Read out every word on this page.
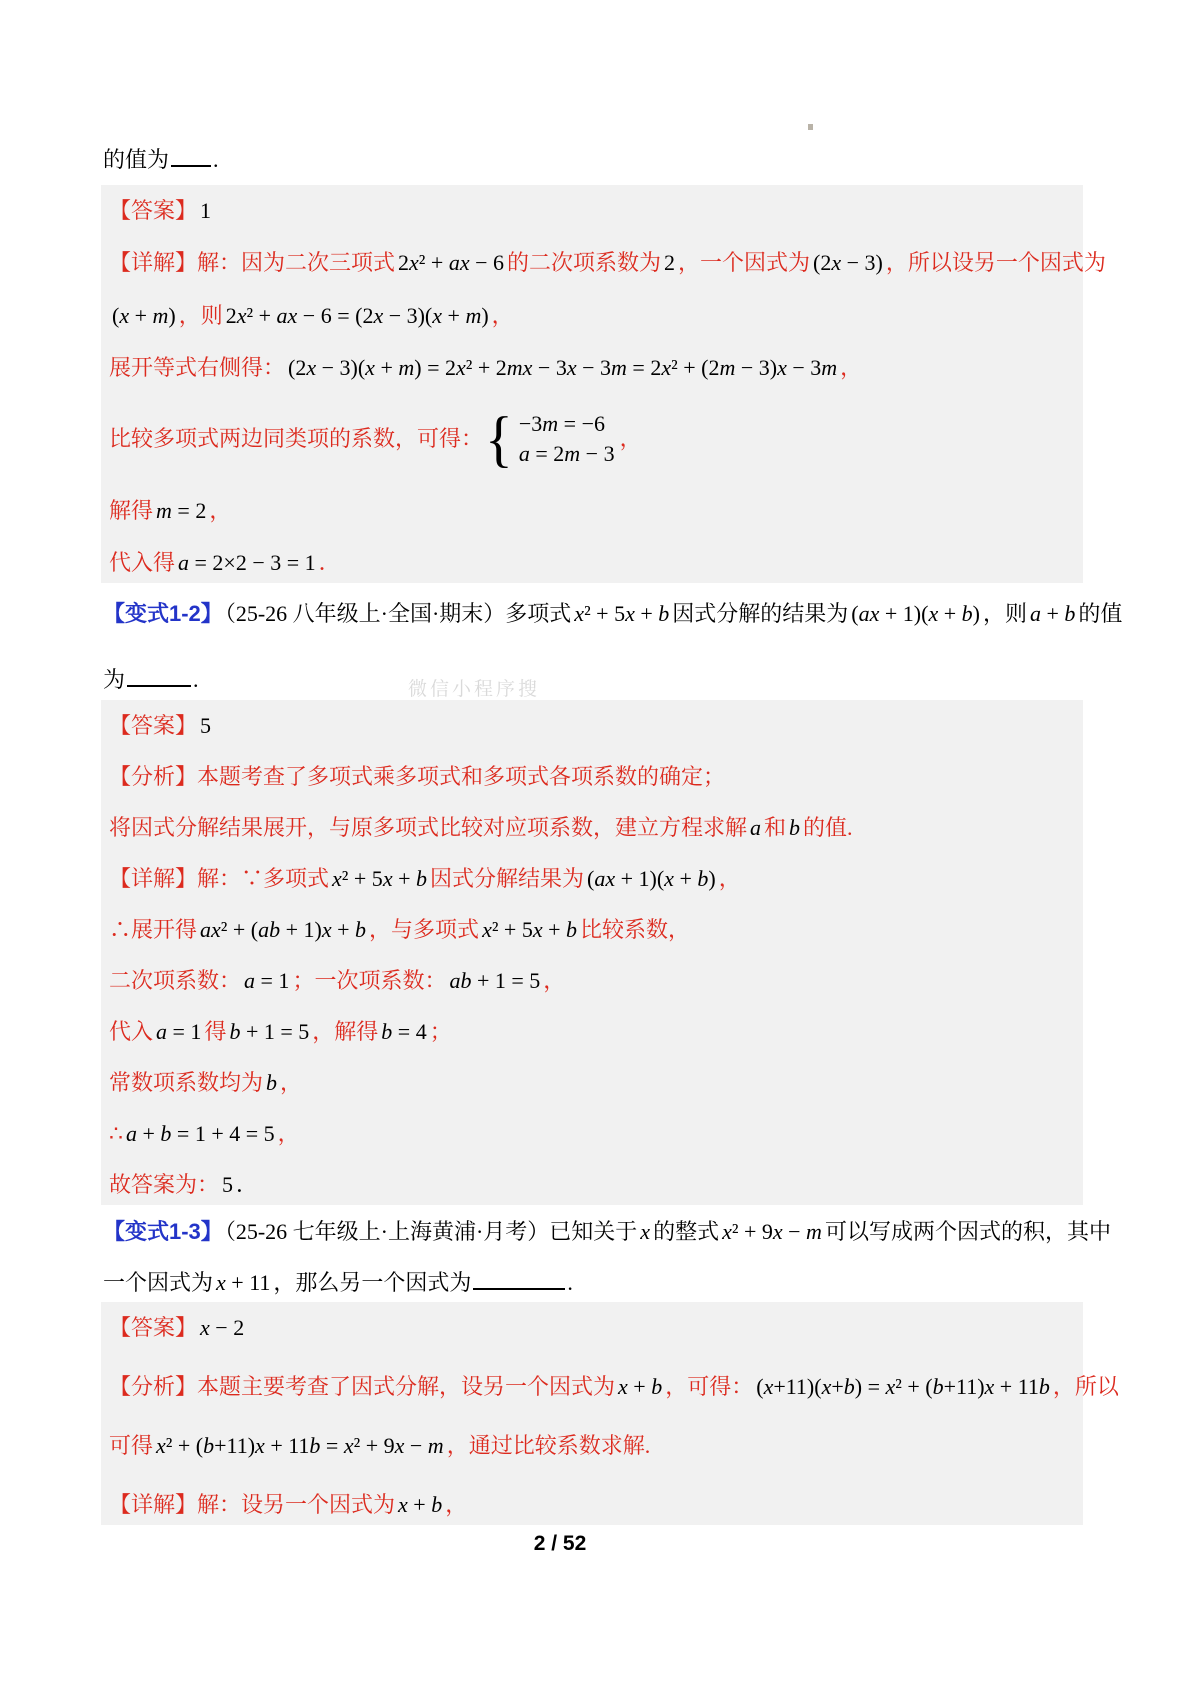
的值为 .
【答案】 1
【详解】解：因为二次三项式 2x² + ax − 6 的二次项系数为 2 ，一个因式为 (2x − 3) ，所以设另一个因式为
(x + m) ，则 2x² + ax − 6 = (2x − 3)(x + m) ，
展开等式右侧得： (2x − 3)(x + m) = 2x² + 2mx − 3x − 3m = 2x² + (2m − 3)x − 3m ，
比较多项式两边同类项的系数，可得： { −3m = −6
a = 2m − 3
，
解得 m = 2 ，
代入得 a = 2×2 − 3 = 1 ．
【变式1-2】（25-26 八年级上·全国·期末）多项式 x² + 5x + b 因式分解的结果为 (ax + 1)(x + b) ，则 a + b 的值
为	.	微信小程序搜
【答案】 5
【分析】本题考查了多项式乘多项式和多项式各项系数的确定；
将因式分解结果展开，与原多项式比较对应项系数，建立方程求解 a 和 b 的值.
【详解】解：∵多项式 x² + 5x + b 因式分解结果为 (ax + 1)(x + b) ，
∴展开得 ax² + (ab + 1)x + b ，与多项式 x² + 5x + b 比较系数，
二次项系数： a = 1 ；一次项系数： ab + 1 = 5 ，
代入 a = 1 得 b + 1 = 5 ，解得 b = 4 ；
常数项系数均为 b ，
∴ a + b = 1 + 4 = 5 ，
故答案为： 5 ．
【变式1-3】（25-26 七年级上·上海黄浦·月考）已知关于 x 的整式 x² + 9x − m 可以写成两个因式的积，其中
一个因式为 x + 11 ，那么另一个因式为	.
【答案】 x − 2
【分析】本题主要考查了因式分解，设另一个因式为 x + b ，可得： (x+11)(x+b) = x² + (b+11)x + 11b ，所以
可得 x² + (b+11)x + 11b = x² + 9x − m ，通过比较系数求解.
【详解】解：设另一个因式为 x + b ，
2 / 52
